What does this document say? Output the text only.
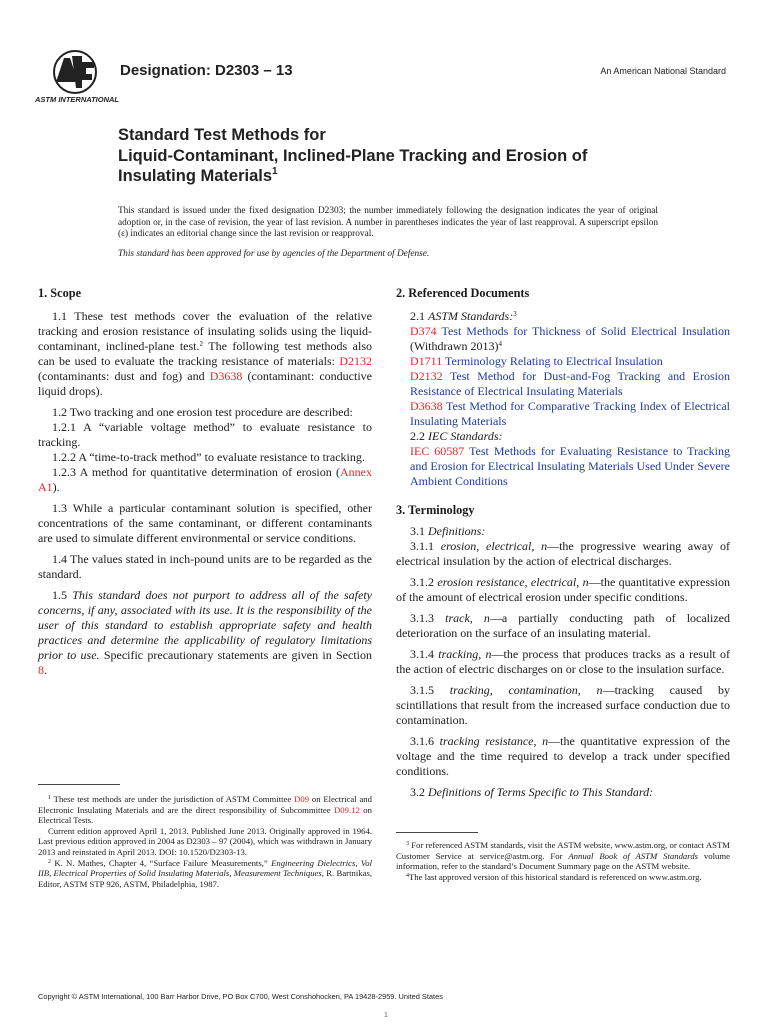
ASTM INTERNATIONAL
Designation: D2303 – 13	An American National Standard
Standard Test Methods for
Liquid-Contaminant, Inclined-Plane Tracking and Erosion of
Insulating Materials$^1$
This standard is issued under the fixed designation D2303; the number immediately following the designation indicates the year of original adoption or, in the case of revision, the year of last revision. A number in parentheses indicates the year of last reapproval. A superscript epsilon (ε) indicates an editorial change since the last revision or reapproval.
This standard has been approved for use by agencies of the Department of Defense.
1. Scope

1.1 These test methods cover the evaluation of the relative tracking and erosion resistance of insulating solids using the liquid-contaminant, inclined-plane test.$^2$ The following test methods also can be used to evaluate the tracking resistance of materials: D2132 (contaminants: dust and fog) and D3638 (contaminant: conductive liquid drops).

1.2 Two tracking and one erosion test procedure are described:

1.2.1 A “variable voltage method” to evaluate resistance to tracking.

1.2.2 A “time-to-track method” to evaluate resistance to tracking.

1.2.3 A method for quantitative determination of erosion (Annex A1).

1.3 While a particular contaminant solution is specified, other concentrations of the same contaminant, or different contaminants are used to simulate different environmental or service conditions.

1.4 The values stated in inch-pound units are to be regarded as the standard.

1.5 This standard does not purport to address all of the safety concerns, if any, associated with its use. It is the responsibility of the user of this standard to establish appropriate safety and health practices and determine the applicability of regulatory limitations prior to use. Specific precautionary statements are given in Section 8.

2. Referenced Documents

2.1 ASTM Standards:$^3$

D374 Test Methods for Thickness of Solid Electrical Insulation (Withdrawn 2013)$^4$

D1711 Terminology Relating to Electrical Insulation

D2132 Test Method for Dust-and-Fog Tracking and Erosion Resistance of Electrical Insulating Materials

D3638 Test Method for Comparative Tracking Index of Electrical Insulating Materials

2.2 IEC Standards:

IEC 60587 Test Methods for Evaluating Resistance to Tracking and Erosion for Electrical Insulating Materials Used Under Severe Ambient Conditions

3. Terminology

3.1 Definitions:

3.1.1 erosion, electrical, n—the progressive wearing away of electrical insulation by the action of electrical discharges.

3.1.2 erosion resistance, electrical, n—the quantitative expression of the amount of electrical erosion under specific conditions.

3.1.3 track, n—a partially conducting path of localized deterioration on the surface of an insulating material.

3.1.4 tracking, n—the process that produces tracks as a result of the action of electric discharges on or close to the insulation surface.

3.1.5 tracking, contamination, n—tracking caused by scintillations that result from the increased surface conduction due to contamination.

3.1.6 tracking resistance, n—the quantitative expression of the voltage and the time required to develop a track under specified conditions.

3.2 Definitions of Terms Specific to This Standard:

$^1$ These test methods are under the jurisdiction of ASTM Committee D09 on Electrical and Electronic Insulating Materials and are the direct responsibility of Subcommittee D09.12 on Electrical Tests.

Current edition approved April 1, 2013. Published June 2013. Originally approved in 1964. Last previous edition approved in 2004 as D2303 – 97 (2004), which was withdrawn in January 2013 and reinstated in April 2013. DOI: 10.1520/D2303-13.

$^2$ K. N. Mathes, Chapter 4, “Surface Failure Measurements,” Engineering Dielectrics, Vol IIB, Electrical Properties of Solid Insulating Materials, Measurement Techniques, R. Bartnikas, Editor, ASTM STP 926, ASTM, Philadelphia, 1987.

$^3$ For referenced ASTM standards, visit the ASTM website, www.astm.org, or contact ASTM Customer Service at service@astm.org. For Annual Book of ASTM Standards volume information, refer to the standard’s Document Summary page on the ASTM website.

$^4$The last approved version of this historical standard is referenced on www.astm.org.

Copyright © ASTM International, 100 Barr Harbor Drive, PO Box C700, West Conshohocken, PA 19428-2959. United States
1
